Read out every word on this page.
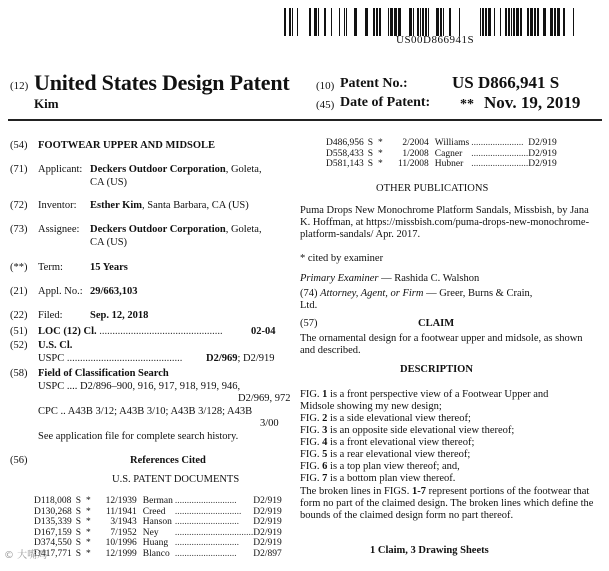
US00D866941S
(12) United States Design Patent
Kim
(10) Patent No.:	US D866,941 S
(45) Date of Patent: ** Nov. 19, 2019
(54) FOOTWEAR UPPER AND MIDSOLE
(71) Applicant: Deckers Outdoor Corporation, Goleta,
CA (US)
(72) Inventor: Esther Kim, Santa Barbara, CA (US)
(73) Assignee: Deckers Outdoor Corporation, Goleta,
CA (US)
(**) Term:	15 Years
(21) Appl. No.: 29/663,103
(22) Filed:	Sep. 12, 2018
(51) LOC (12) Cl. ...............................................	02-04
(52) U.S. Cl.
USPC ............................................ D2/969; D2/919
(58) Field of Classification Search
USPC .... D2/896–900, 916, 917, 918, 919, 946,
D2/969, 972
CPC .. A43B 3/12; A43B 3/10; A43B 3/128; A43B
3/00
See application file for complete search history.
(56)	References Cited
U.S. PATENT DOCUMENTS
D118,008	S	*	12/1939	Berman	..........................	D2/919
D130,268	S	*	11/1941	Creed	............................	D2/919
D135,339	S	*	3/1943	Hanson	...........................	D2/919
D167,159	S	*	7/1952	Ney	.................................	D2/919
D374,550	S	*	10/1996	Huang	...........................	D2/919
D417,771	S	*	12/1999	Blanco	..........................	D2/897
D486,956	S	*	2/2004	Williams	......................	D2/919
D558,433	S	*	1/2008	Cagner	........................	D2/919
D581,143	S	*	11/2008	Hubner	........................	D2/919
OTHER PUBLICATIONS
Puma Drops New Monochrome Platform Sandals, Missbish, by Jana K. Hoffman, at https://missbish.com/puma-drops-new-monochrome-platform-sandals/ Apr. 2017.
* cited by examiner
Primary Examiner — Rashida C. Walshon
(74) Attorney, Agent, or Firm — Greer, Burns & Crain,
Ltd.
(57)	CLAIM
The ornamental design for a footwear upper and midsole, as shown and described.
DESCRIPTION
FIG. 1 is a front perspective view of a Footwear Upper and
Midsole showing my new design;
FIG. 2 is a side elevational view thereof;
FIG. 3 is an opposite side elevational view thereof;
FIG. 4 is a front elevational view thereof;
FIG. 5 is a rear elevational view thereof;
FIG. 6 is a top plan view thereof; and,
FIG. 7 is a bottom plan view thereof.
The broken lines in FIGS. 1-7 represent portions of the footwear that form no part of the claimed design. The broken lines which define the bounds of the claimed design form no part thereof.
1 Claim, 3 Drawing Sheets
© 大嘴鸡
